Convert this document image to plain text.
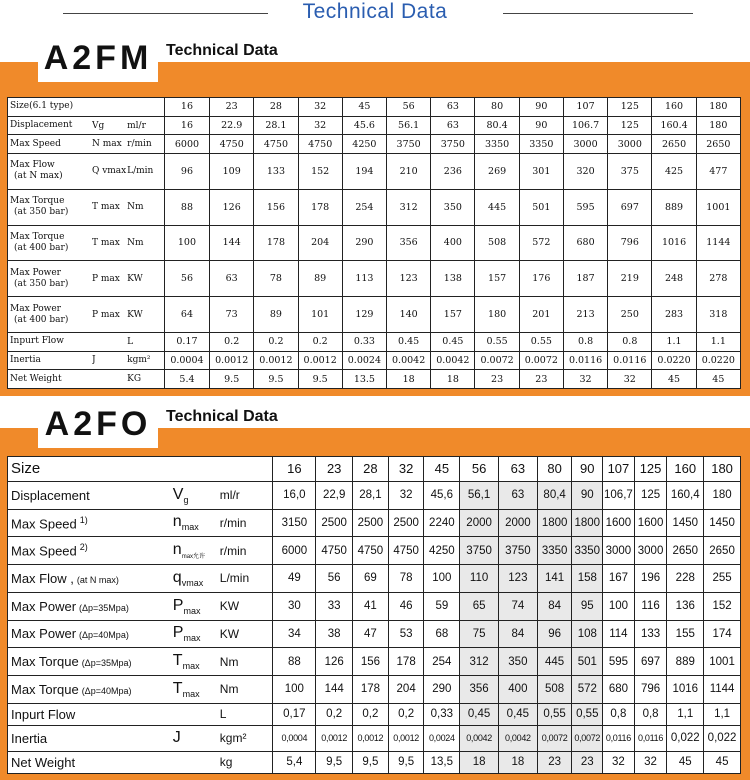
Technical Data
A2FM Technical Data
Size(6.1 type)			16	23	28	32	45	56	63	80	90	107	125	160	180
Displacement	Vg	ml/r	16	22.9	28.1	32	45.6	56.1	63	80.4	90	106.7	125	160.4	180
Max Speed	N max	r/min	6000	4750	4750	4750	4250	3750	3750	3350	3350	3000	3000	2650	2650
Max Flow
(at N max)	Q vmax	L/min	96	109	133	152	194	210	236	269	301	320	375	425	477
Max Torque
(at 350 bar)	T max	Nm	88	126	156	178	254	312	350	445	501	595	697	889	1001
Max Torque
(at 400 bar)	T max	Nm	100	144	178	204	290	356	400	508	572	680	796	1016	1144
Max Power
(at 350 bar)	P max	KW	56	63	78	89	113	123	138	157	176	187	219	248	278
Max Power
(at 400 bar)	P max	KW	64	73	89	101	129	140	157	180	201	213	250	283	318
Inpurt Flow		L	0.17	0.2	0.2	0.2	0.33	0.45	0.45	0.55	0.55	0.8	0.8	1.1	1.1
Inertia	J	kgm²	0.0004	0.0012	0.0012	0.0012	0.0024	0.0042	0.0042	0.0072	0.0072	0.0116	0.0116	0.0220	0.0220
Net Weight		KG	5.4	9.5	9.5	9.5	13.5	18	18	23	23	32	32	45	45
A2FO Technical Data
Size			16	23	28	32	45	56	63	80	90	107	125	160	180
Displacement	$V_g$	ml/r	16,0	22,9	28,1	32	45,6	56,1	63	80,4	90	106,7	125	160,4	180
Max Speed $^{1)}$	$n_{max}$	r/min	3150	2500	2500	2500	2240	2000	2000	1800	1800	1600	1600	1450	1450
Max Speed $^{2)}$	$n_{max允许}$	r/min	6000	4750	4750	4750	4250	3750	3750	3350	3350	3000	3000	2650	2650
Max Flow , (at N max)	$q_{vmax}$	L/min	49	56	69	78	100	110	123	141	158	167	196	228	255
Max Power (Δp=35Mpa)	$P_{max}$	KW	30	33	41	46	59	65	74	84	95	100	116	136	152
Max Power (Δp=40Mpa)	$P_{max}$	KW	34	38	47	53	68	75	84	96	108	114	133	155	174
Max Torque (Δp=35Mpa)	$T_{max}$	Nm	88	126	156	178	254	312	350	445	501	595	697	889	1001
Max Torque (Δp=40Mpa)	$T_{max}$	Nm	100	144	178	204	290	356	400	508	572	680	796	1016	1144
Inpurt Flow		L	0,17	0,2	0,2	0,2	0,33	0,45	0,45	0,55	0,55	0,8	0,8	1,1	1,1
Inertia	J	kgm²	0,0004	0,0012	0,0012	0,0012	0,0024	0,0042	0,0042	0,0072	0,0072	0,0116	0,0116	0,022	0,022
Net Weight		kg	5,4	9,5	9,5	9,5	13,5	18	18	23	23	32	32	45	45
